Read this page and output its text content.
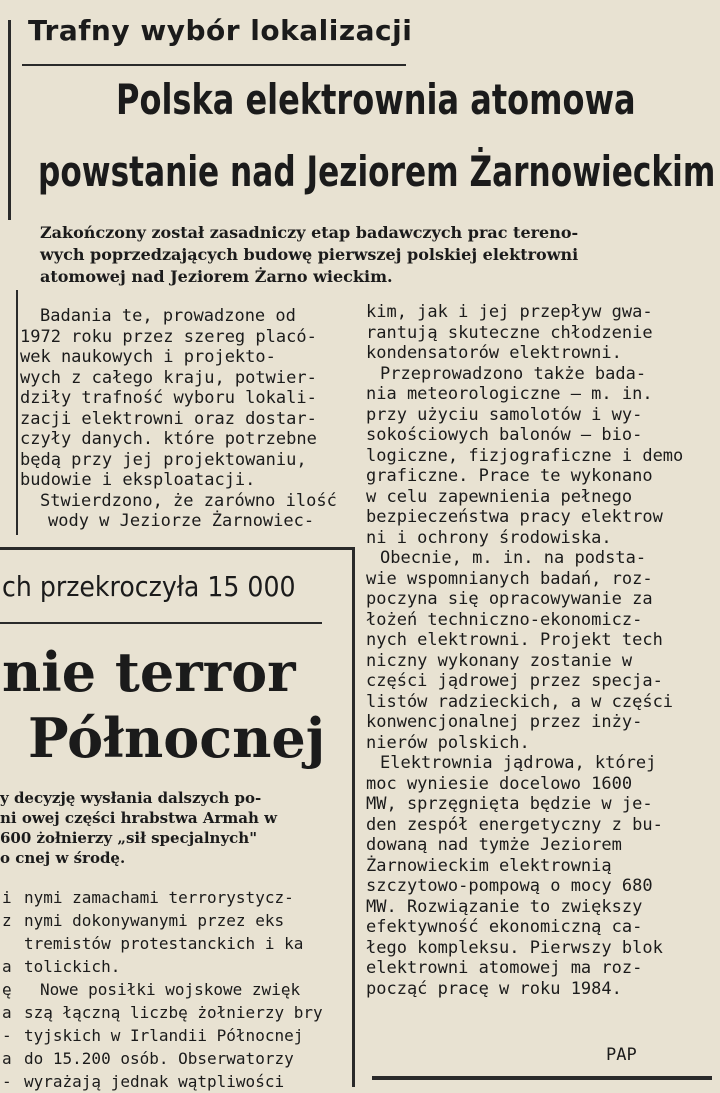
Trafny wybór lokalizacji
Polska elektrownia atomowa
powstanie nad Jeziorem Żarnowieckim
Zakończony został zasadniczy etap badawczych prac tereno-
wych poprzedzających budowę pierwszej polskiej elektrowni
atomowej nad Jeziorem Żarno wieckim.
Badania te, prowadzone od
1972 roku przez szereg placó-
wek naukowych i projekto-
wych z całego kraju, potwier-
dziły trafność wyboru lokali-
zacji elektrowni oraz dostar-
czyły danych. które potrzebne
będą przy jej projektowaniu,
budowie i eksploatacji.
Stwierdzono, że zarówno ilość
wody w Jeziorze Żarnowiec-
kim, jak i jej przepływ gwa-
rantują skuteczne chłodzenie
kondensatorów elektrowni.
Przeprowadzono także bada-
nia meteorologiczne — m. in.
przy użyciu samolotów i wy-
sokościowych balonów — bio-
logiczne, fizjograficzne i demo
graficzne. Prace te wykonano
w celu zapewnienia pełnego
bezpieczeństwa pracy elektrow
ni i ochrony środowiska.
Obecnie, m. in. na podsta-
wie wspomnianych badań, roz-
poczyna się opracowywanie za
łożeń techniczno-ekonomicz-
nych elektrowni. Projekt tech
niczny wykonany zostanie w
części jądrowej przez specja-
listów radzieckich, a w części
konwencjonalnej przez inży-
nierów polskich.
Elektrownia jądrowa, której
moc wyniesie docelowo 1600
MW, sprzęgnięta będzie w je-
den zespół energetyczny z bu-
dowaną nad tymże Jeziorem
Żarnowieckim elektrownią
szczytowo-pompową o mocy 680
MW. Rozwiązanie to zwiększy
efektywność ekonomiczną ca-
łego kompleksu. Pierwszy blok
elektrowni atomowej ma roz-
począć pracę w roku 1984.
PAP
ch przekroczyła 15 000
nie terror
Północnej
y decyzję wysłania dalszych po-
ni owej części hrabstwa Armah w
600 żołnierzy „sił specjalnych"
o cnej w środę.
i nymi zamachami terrorystycz-
z nymi dokonywanymi przez eks
tremistów protestanckich i ka
a tolickich.
ę Nowe posiłki wojskowe zwięk
a szą łączną liczbę żołnierzy bry
- tyjskich w Irlandii Północnej
a do 15.200 osób. Obserwatorzy
- wyrażają jednak wątpliwości
